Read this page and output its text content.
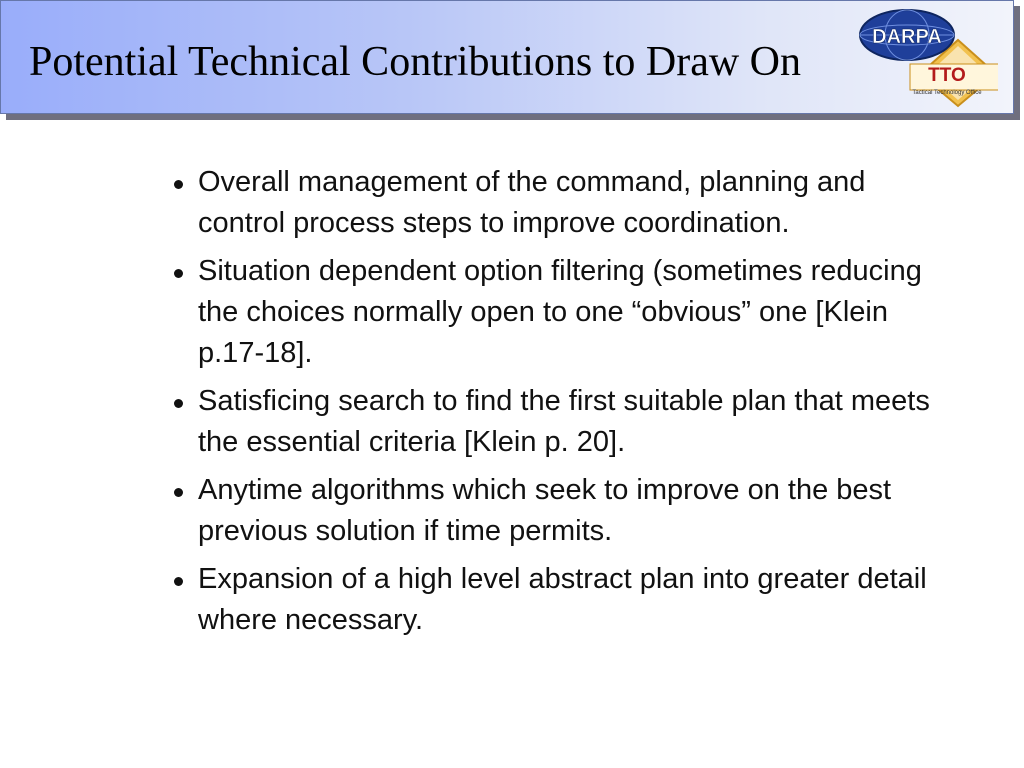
Potential Technical Contributions to Draw On	TTO
Tactical Technology Office
DARPA
Overall management of the command, planning and control process steps to improve coordination.
Situation dependent option filtering (sometimes reducing the choices normally open to one “obvious” one [Klein p.17-18].
Satisficing search to find the first suitable plan that meets the essential criteria [Klein p. 20].
Anytime algorithms which seek to improve on the best previous solution if time permits.
Expansion of a high level abstract plan into greater detail where necessary.
